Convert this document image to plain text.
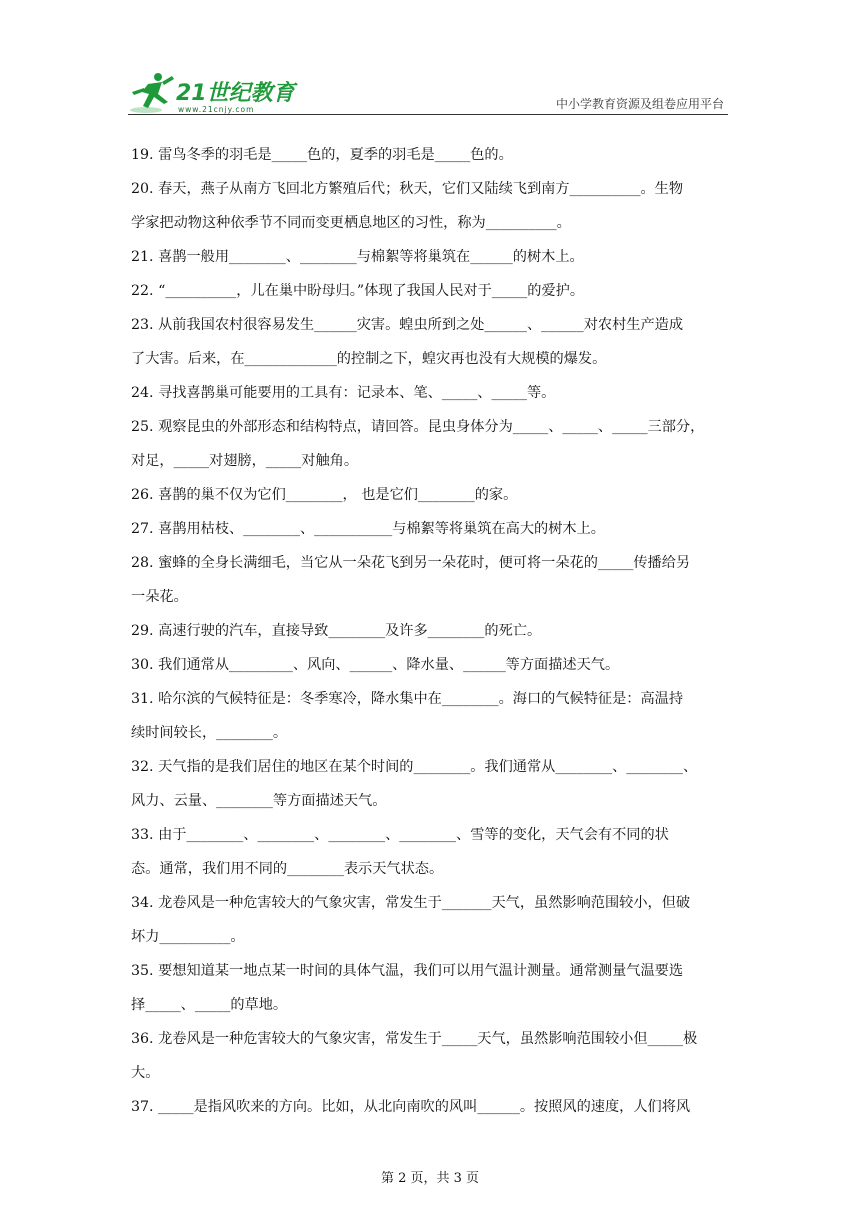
21世纪教育
www.21cnjy.com	中小学教育资源及组卷应用平台

19. 雷鸟冬季的羽毛是_____色的，夏季的羽毛是_____色的。

20. 春天，燕子从南方飞回北方繁殖后代；秋天，它们又陆续飞到南方__________。生物

学家把动物这种依季节不同而变更栖息地区的习性，称为__________。

21. 喜鹊一般用________、________与棉絮等将巢筑在______的树木上。

22. “__________，儿在巢中盼母归。”体现了我国人民对于_____的爱护。

23. 从前我国农村很容易发生______灾害。蝗虫所到之处______、______对农村生产造成

了大害。后来，在_____________的控制之下，蝗灾再也没有大规模的爆发。

24. 寻找喜鹊巢可能要用的工具有：记录本、笔、_____、_____等。

25. 观察昆虫的外部形态和结构特点，请回答。昆虫身体分为_____、_____、_____三部分，

对足，_____对翅膀，_____对触角。

26. 喜鹊的巢不仅为它们________， 也是它们________的家。

27. 喜鹊用枯枝、________、___________与棉絮等将巢筑在高大的树木上。

28. 蜜蜂的全身长满细毛，当它从一朵花飞到另一朵花时，便可将一朵花的_____传播给另

一朵花。

29. 高速行驶的汽车，直接导致________及许多________的死亡。

30. 我们通常从_________、风向、______、降水量、______等方面描述天气。

31. 哈尔滨的气候特征是：冬季寒冷，降水集中在________。海口的气候特征是：高温持

续时间较长，________。

32. 天气指的是我们居住的地区在某个时间的________。我们通常从________、________、

风力、云量、________等方面描述天气。

33. 由于________、________、________、________、雪等的变化，天气会有不同的状

态。通常，我们用不同的________表示天气状态。

34. 龙卷风是一种危害较大的气象灾害，常发生于_______天气，虽然影响范围较小，但破

坏力__________。

35. 要想知道某一地点某一时间的具体气温，我们可以用气温计测量。通常测量气温要选

择_____、_____的草地。

36. 龙卷风是一种危害较大的气象灾害，常发生于_____天气，虽然影响范围较小但_____极

大。

37. _____是指风吹来的方向。比如，从北向南吹的风叫______。按照风的速度，人们将风

第 2 页，共 3 页
